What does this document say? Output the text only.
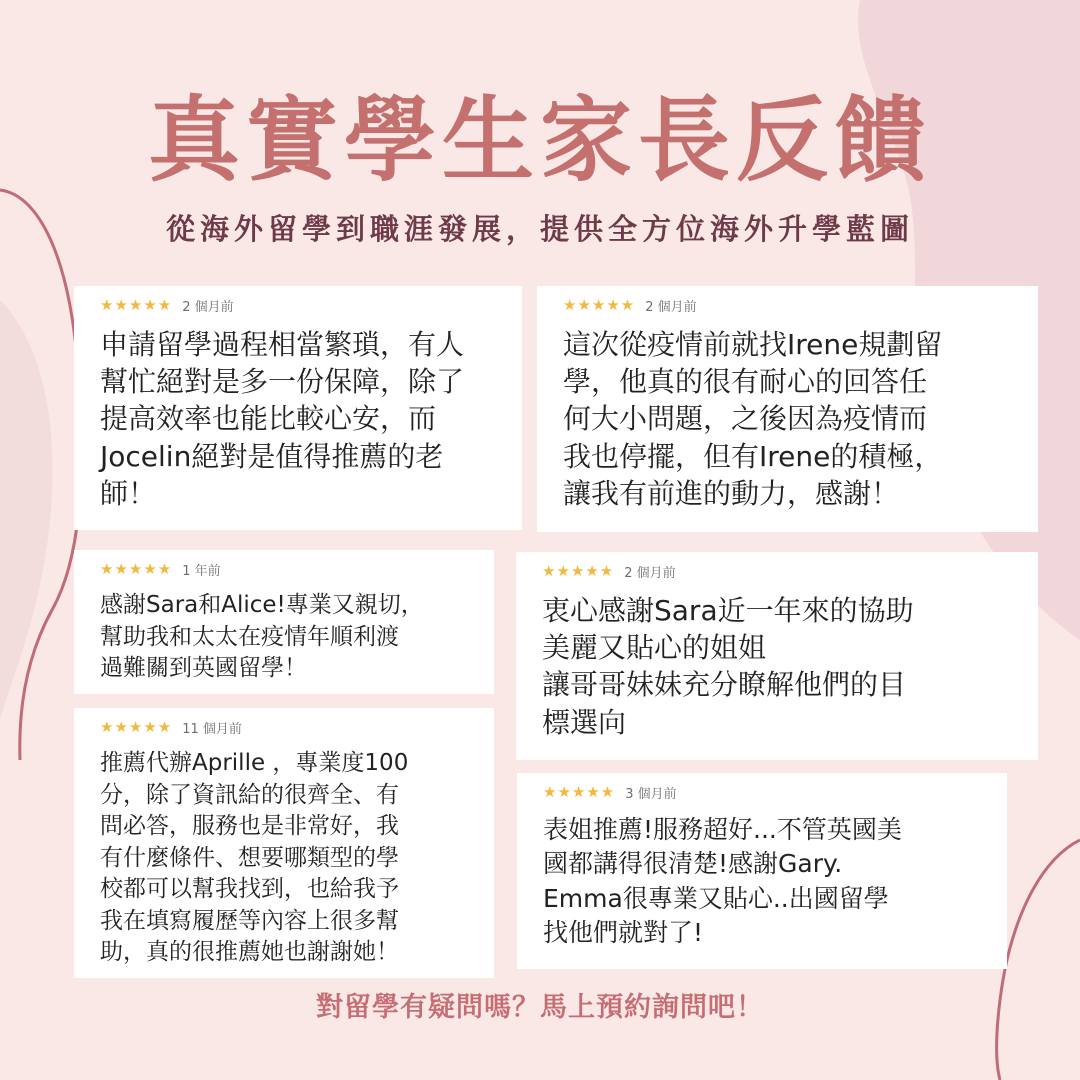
真實學生家長反饋
從海外留學到職涯發展，提供全方位海外升學藍圖
★★★★★ 2 個月前
申請留學過程相當繁瑣，有人
幫忙絕對是多一份保障，除了
提高效率也能比較心安，而
Jocelin絕對是值得推薦的老
師！
★★★★★ 2 個月前
這次從疫情前就找Irene規劃留
學，他真的很有耐心的回答任
何大小問題，之後因為疫情而
我也停擺，但有Irene的積極，
讓我有前進的動力，感謝！
★★★★★ 1 年前
感謝Sara和Alice!專業又親切，
幫助我和太太在疫情年順利渡
過難關到英國留學！
★★★★★ 2 個月前
衷心感謝Sara近一年來的協助
美麗又貼心的姐姐
讓哥哥妹妹充分瞭解他們的目
標選向
★★★★★ 11 個月前
推薦代辦Aprille ，專業度100
分，除了資訊給的很齊全、有
問必答，服務也是非常好，我
有什麼條件、想要哪類型的學
校都可以幫我找到，也給我予
我在填寫履歷等內容上很多幫
助，真的很推薦她也謝謝她！
★★★★★ 3 個月前
表姐推薦!服務超好...不管英國美
國都講得很清楚!感謝Gary.
Emma很專業又貼心..出國留學
找他們就對了!

對留學有疑問嗎？馬上預約詢問吧！
